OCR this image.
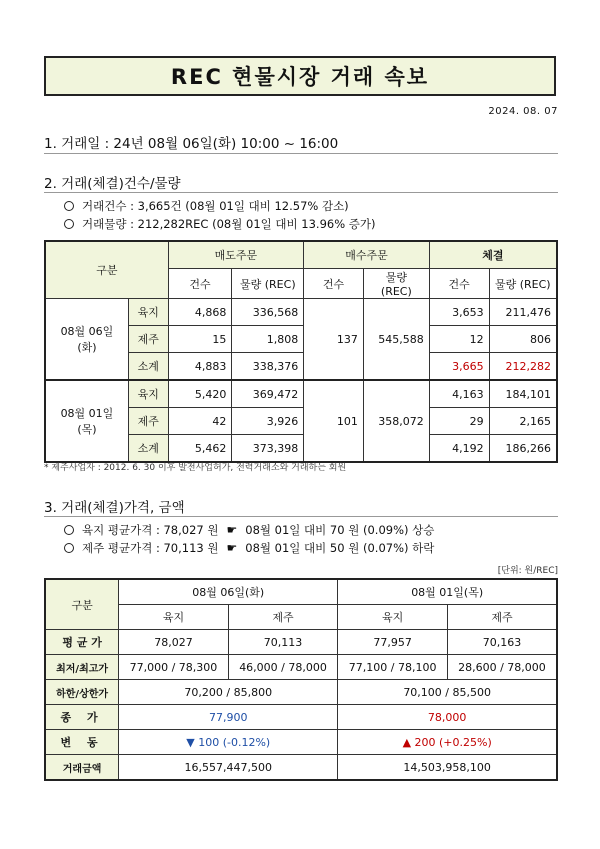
REC 현물시장 거래 속보
2024. 08. 07
1. 거래일 : 24년 08월 06일(화) 10:00 ~ 16:00
2. 거래(체결)건수/물량
거래건수 : 3,665건 (08월 01일 대비 12.57% 감소)
거래물량 : 212,282REC (08월 01일 대비 13.96% 증가)
구분		매도주문		매수주문		체결	
		건수	물량 (REC)	건수	물량 (REC)	건수	물량 (REC)
08월 06일(화)	육지	4,868	336,568	137	545,588	3,653	211,476
	제주	15	1,808			12	806
	소계	4,883	338,376			3,665	212,282
08월 01일(목)	육지	5,420	369,472	101	358,072	4,163	184,101
	제주	42	3,926			29	2,165
	소계	5,462	373,398			4,192	186,266
* 제주사업자 : 2012. 6. 30 이후 발전사업허가, 전력거래소와 거래하는 회원
3. 거래(체결)가격, 금액
육지 평균가격 : 78,027 원 ☛ 08월 01일 대비 70 원 (0.09%) 상승
제주 평균가격 : 70,113 원 ☛ 08월 01일 대비 50 원 (0.07%) 하락
[단위: 원/REC]
구분	08월 06일(화)		08월 01일(목)	
	육지	제주	육지	제주
평 균 가	78,027	70,113	77,957	70,163
최저/최고가	77,000 / 78,300	46,000 / 78,000	77,100 / 78,100	28,600 / 78,000
하한/상한가	70,200 / 85,800		70,100 / 85,500	
종 가	77,900		78,000	
변 동	▼ 100 (-0.12%)		▲ 200 (+0.25%)	
거래금액	16,557,447,500		14,503,958,100	
